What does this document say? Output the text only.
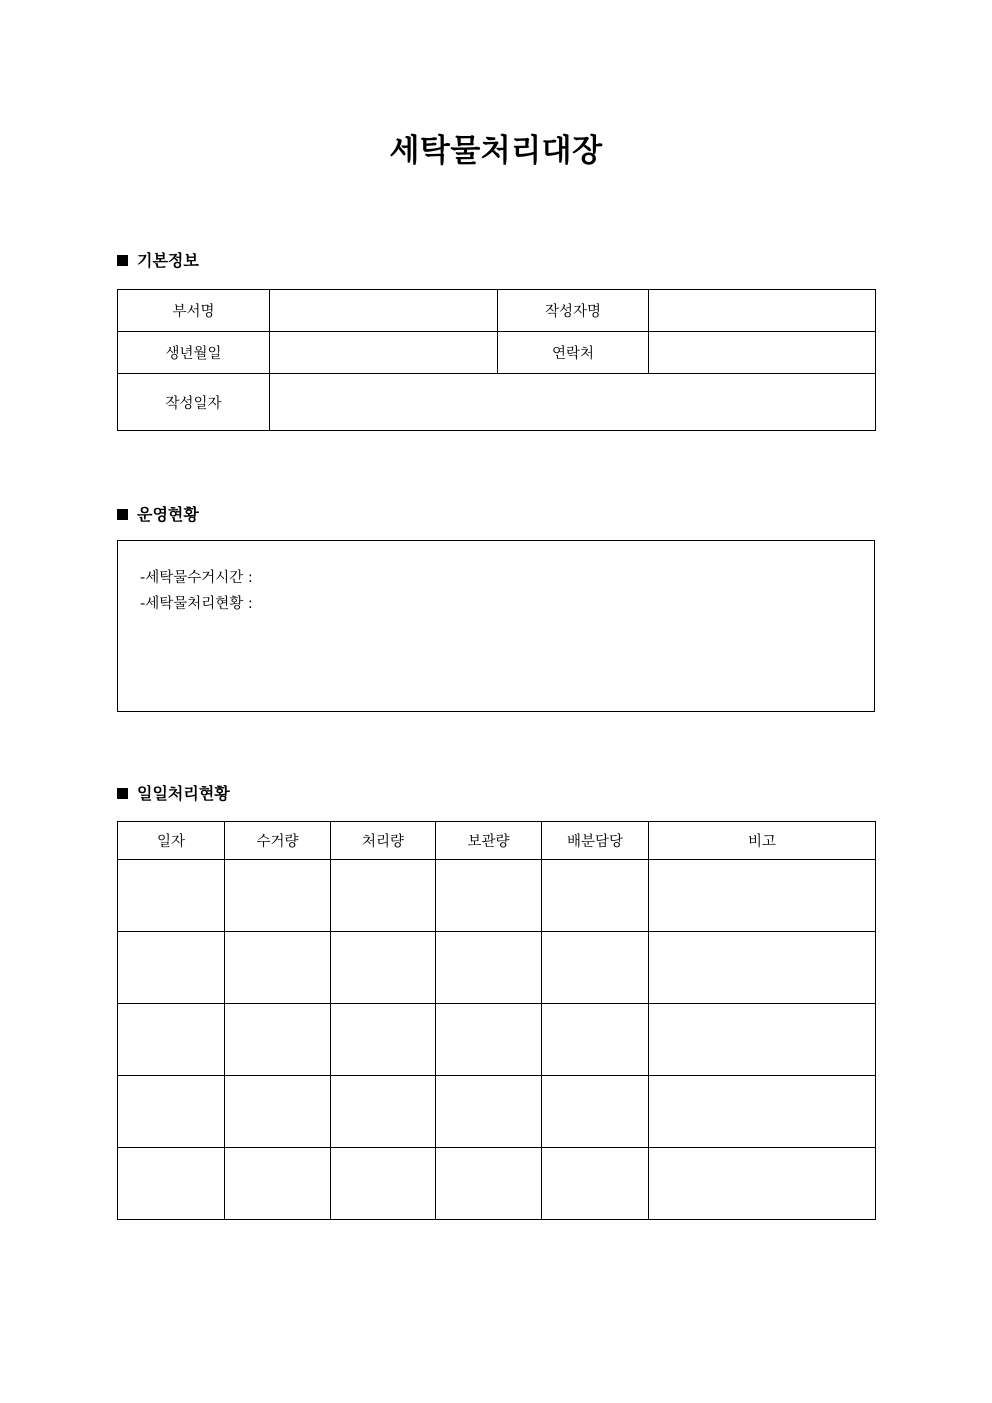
세탁물처리대장
기본정보
부서명		작성자명	
생년월일		연락처	
작성일자			
운영현황
-세탁물수거시간 :
-세탁물처리현황 :
일일처리현황
일자	수거량	처리량	보관량	배분담당	비고
